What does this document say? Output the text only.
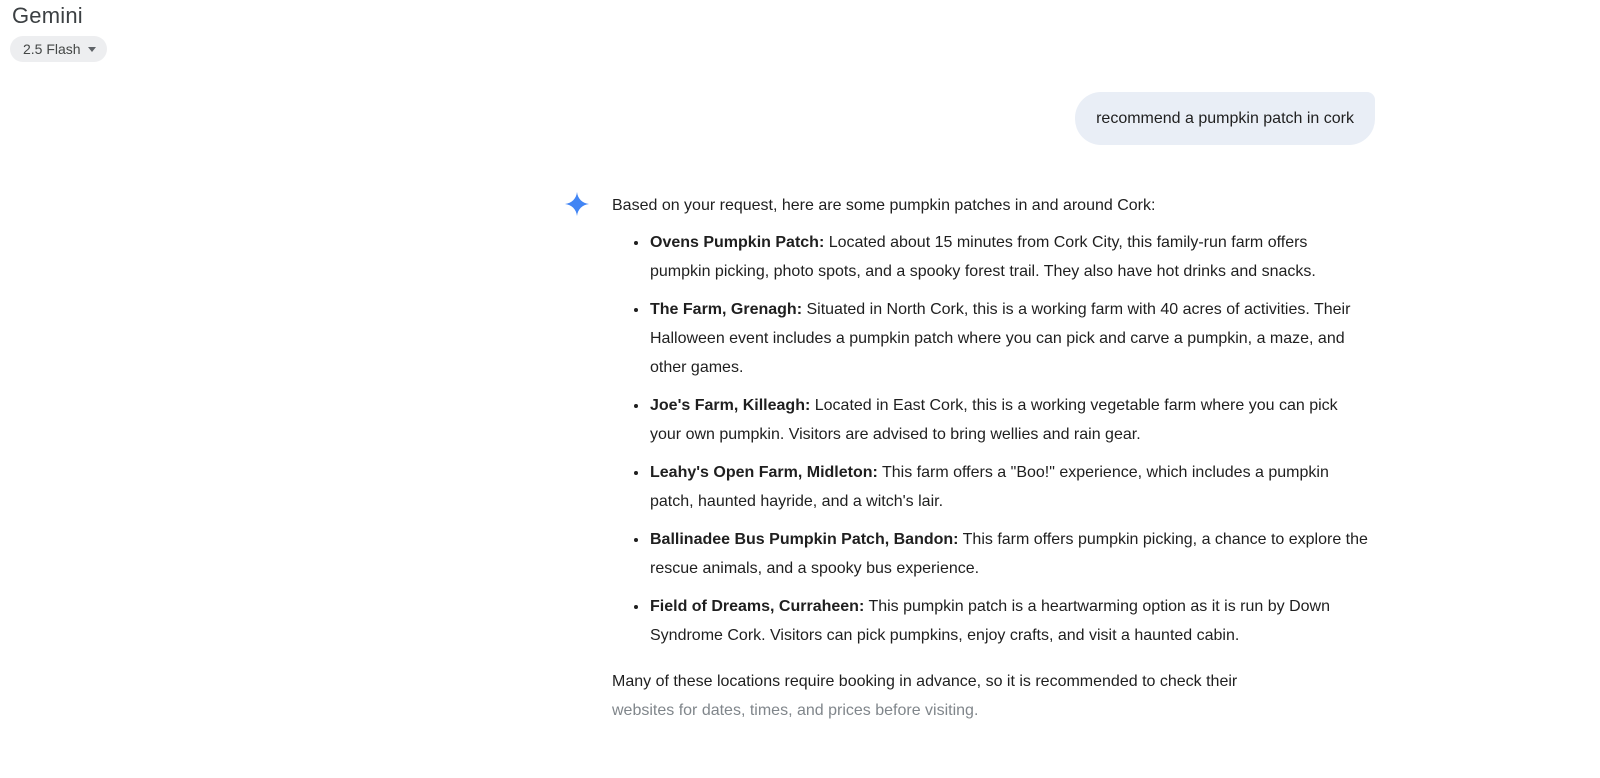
Gemini
2.5 Flash
recommend a pumpkin patch in cork

Based on your request, here are some pumpkin patches in and around Cork:

• Ovens Pumpkin Patch: Located about 15 minutes from Cork City, this family-run farm offers pumpkin picking, photo spots, and a spooky forest trail. They also have hot drinks and snacks.
• The Farm, Grenagh: Situated in North Cork, this is a working farm with 40 acres of activities. Their Halloween event includes a pumpkin patch where you can pick and carve a pumpkin, a maze, and other games.
• Joe's Farm, Killeagh: Located in East Cork, this is a working vegetable farm where you can pick your own pumpkin. Visitors are advised to bring wellies and rain gear.
• Leahy's Open Farm, Midleton: This farm offers a "Boo!" experience, which includes a pumpkin patch, haunted hayride, and a witch's lair.
• Ballinadee Bus Pumpkin Patch, Bandon: This farm offers pumpkin picking, a chance to explore the rescue animals, and a spooky bus experience.
• Field of Dreams, Curraheen: This pumpkin patch is a heartwarming option as it is run by Down Syndrome Cork. Visitors can pick pumpkins, enjoy crafts, and visit a haunted cabin.

Many of these locations require booking in advance, so it is recommended to check their
websites for dates, times, and prices before visiting.
